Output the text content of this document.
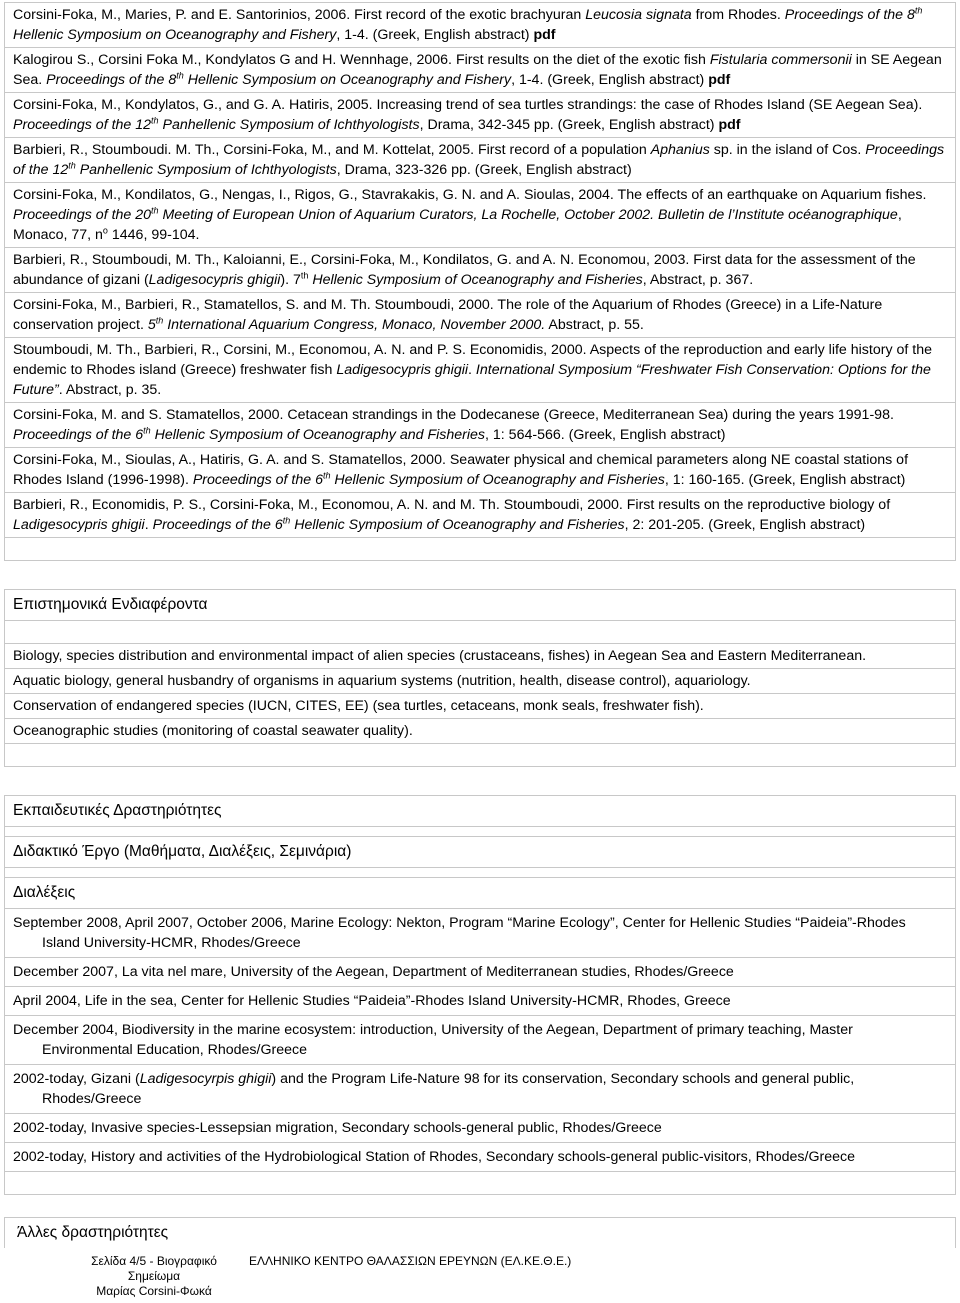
Corsini-Foka, M., Maries, P. and E. Santorinios, 2006. First record of the exotic brachyuran Leucosia signata from Rhodes. Proceedings of the 8th Hellenic Symposium on Oceanography and Fishery, 1-4. (Greek, English abstract) pdf
Kalogirou S., Corsini Foka M., Kondylatos G and H. Wennhage, 2006. First results on the diet of the exotic fish Fistularia commersonii in SE Aegean Sea. Proceedings of the 8th Hellenic Symposium on Oceanography and Fishery, 1-4. (Greek, English abstract) pdf
Corsini-Foka, M., Kondylatos, G., and G. A. Hatiris, 2005. Increasing trend of sea turtles strandings: the case of Rhodes Island (SE Aegean Sea). Proceedings of the 12th Panhellenic Symposium of Ichthyologists, Drama, 342-345 pp. (Greek, English abstract) pdf
Barbieri, R., Stoumboudi. M. Th., Corsini-Foka, M., and M. Kottelat, 2005. First record of a population Aphanius sp. in the island of Cos. Proceedings of the 12th Panhellenic Symposium of Ichthyologists, Drama, 323-326 pp. (Greek, English abstract)
Corsini-Foka, M., Kondilatos, G., Nengas, I., Rigos, G., Stavrakakis, G. N. and A. Sioulas, 2004. The effects of an earthquake on Aquarium fishes. Proceedings of the 20th Meeting of European Union of Aquarium Curators, La Rochelle, October 2002. Bulletin de l’Institute océanographique, Monaco, 77, $n^o$ 1446, 99-104.
Barbieri, R., Stoumboudi, M. Th., Kaloianni, E., Corsini-Foka, M., Kondilatos, G. and A. N. Economou, 2003. First data for the assessment of the abundance of gizani (Ladigesocypris ghigii). 7th Hellenic Symposium of Oceanography and Fisheries, Abstract, p. 367.
Corsini-Foka, M., Barbieri, R., Stamatellos, S. and M. Th. Stoumboudi, 2000. The role of the Aquarium of Rhodes (Greece) in a Life-Nature conservation project. 5th International Aquarium Congress, Monaco, November 2000. Abstract, p. 55.
Stoumboudi, M. Th., Barbieri, R., Corsini, M., Economou, A. N. and P. S. Economidis, 2000. Aspects of the reproduction and early life history of the endemic to Rhodes island (Greece) freshwater fish Ladigesocypris ghigii. International Symposium “Freshwater Fish Conservation: Options for the Future”. Abstract, p. 35.
Corsini-Foka, M. and S. Stamatellos, 2000. Cetacean strandings in the Dodecanese (Greece, Mediterranean Sea) during the years 1991-98. Proceedings of the 6th Hellenic Symposium of Oceanography and Fisheries, 1: 564-566. (Greek, English abstract)
Corsini-Foka, M., Sioulas, A., Hatiris, G. A. and S. Stamatellos, 2000. Seawater physical and chemical parameters along NE coastal stations of Rhodes Island (1996-1998). Proceedings of the 6th Hellenic Symposium of Oceanography and Fisheries, 1: 160-165. (Greek, English abstract)
Barbieri, R., Economidis, P. S., Corsini-Foka, M., Economou, A. N. and M. Th. Stoumboudi, 2000. First results on the reproductive biology of Ladigesocypris ghigii. Proceedings of the 6th Hellenic Symposium of Oceanography and Fisheries, 2: 201-205. (Greek, English abstract)
Επιστημονικά Ενδιαφέροντα
Biology, species distribution and environmental impact of alien species (crustaceans, fishes) in Aegean Sea and Eastern Mediterranean.
Aquatic biology, general husbandry of organisms in aquarium systems (nutrition, health, disease control), aquariology.
Conservation of endangered species (IUCN, CITES, EE) (sea turtles, cetaceans, monk seals, freshwater fish).
Oceanographic studies (monitoring of coastal seawater quality).
Εκπαιδευτικές Δραστηριότητες
Διδακτικό Έργο (Μαθήματα, Διαλέξεις, Σεμινάρια)
Διαλέξεις
September 2008, April 2007, October 2006, Marine Ecology: Nekton, Program “Marine Ecology”, Center for Hellenic Studies “Paideia”-Rhodes Island University-HCMR, Rhodes/Greece
December 2007, La vita nel mare, University of the Aegean, Department of Mediterranean studies, Rhodes/Greece
April 2004, Life in the sea, Center for Hellenic Studies “Paideia”-Rhodes Island University-HCMR, Rhodes, Greece
December 2004, Biodiversity in the marine ecosystem: introduction, University of the Aegean, Department of primary teaching, Master Environmental Education, Rhodes/Greece
2002-today, Gizani (Ladigesocyrpis ghigii) and the Program Life-Nature 98 for its conservation, Secondary schools and general public, Rhodes/Greece
2002-today, Invasive species-Lessepsian migration, Secondary schools-general public, Rhodes/Greece
2002-today, History and activities of the Hydrobiological Station of Rhodes, Secondary schools-general public-visitors, Rhodes/Greece
Άλλες δραστηριότητες
Σελίδα 4/5 - Βιογραφικό
Σημείωμα
Μαρίας Corsini-Φωκά
ΕΛΛΗΝΙΚΟ ΚΕΝΤΡΟ ΘΑΛΑΣΣΙΩΝ ΕΡΕΥΝΩΝ (ΕΛ.ΚΕ.Θ.Ε.)
